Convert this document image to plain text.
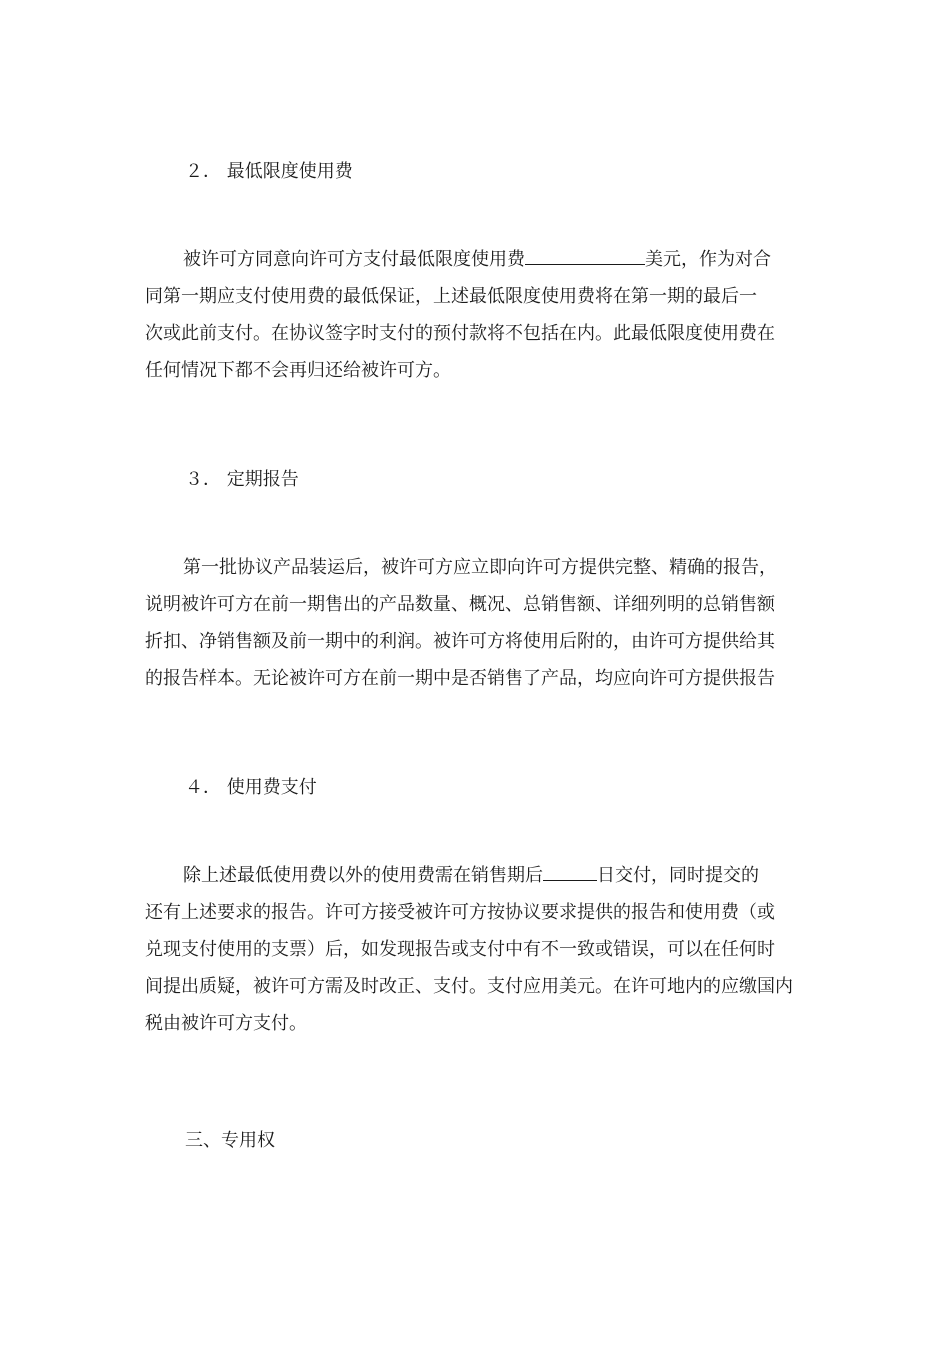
２． 最低限度使用费
被许可方同意向许可方支付最低限度使用费	美元，作为对合
同第一期应支付使用费的最低保证，上述最低限度使用费将在第一期的最后一
次或此前支付。在协议签字时支付的预付款将不包括在内。此最低限度使用费在
任何情况下都不会再归还给被许可方。
３． 定期报告
第一批协议产品装运后，被许可方应立即向许可方提供完整、精确的报告，
说明被许可方在前一期售出的产品数量、概况、总销售额、详细列明的总销售额
折扣、净销售额及前一期中的利润。被许可方将使用后附的，由许可方提供给其
的报告样本。无论被许可方在前一期中是否销售了产品，均应向许可方提供报告
４． 使用费支付
除上述最低使用费以外的使用费需在销售期后	日交付，同时提交的
还有上述要求的报告。许可方接受被许可方按协议要求提供的报告和使用费（或
兑现支付使用的支票）后，如发现报告或支付中有不一致或错误，可以在任何时
间提出质疑，被许可方需及时改正、支付。支付应用美元。在许可地内的应缴国内
税由被许可方支付。
三、专用权
